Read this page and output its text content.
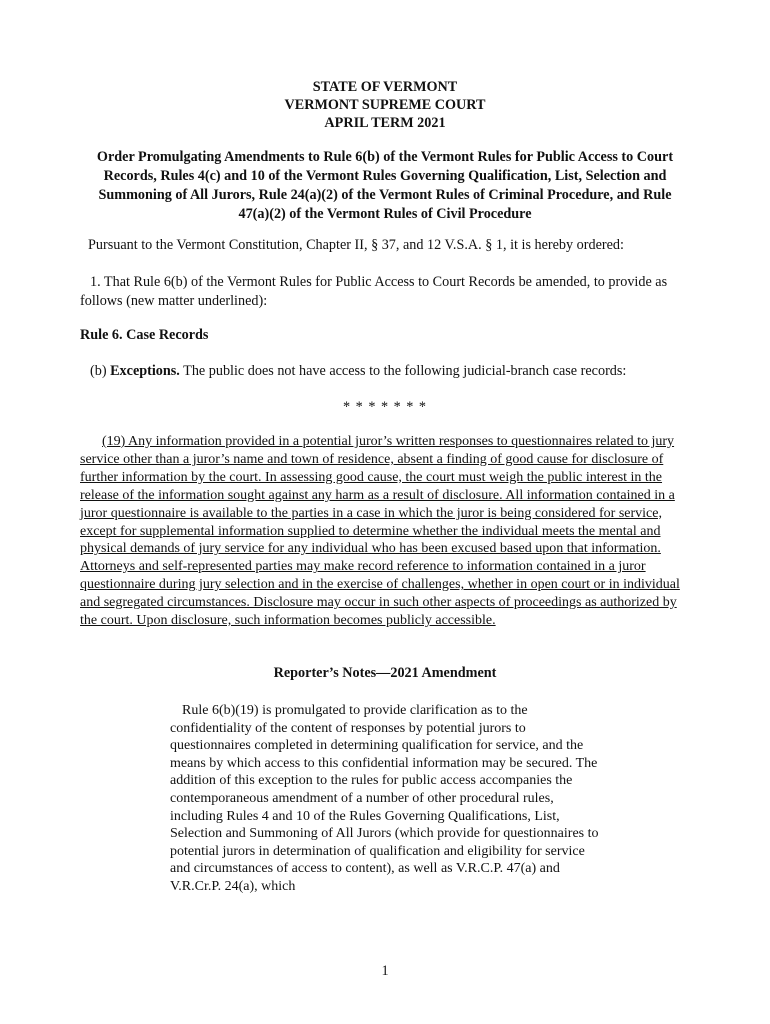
STATE OF VERMONT
VERMONT SUPREME COURT
APRIL TERM 2021
Order Promulgating Amendments to Rule 6(b) of the Vermont Rules for Public Access to Court Records, Rules 4(c) and 10 of the Vermont Rules Governing Qualification, List, Selection and Summoning of All Jurors, Rule 24(a)(2) of the Vermont Rules of Criminal Procedure, and Rule 47(a)(2) of the Vermont Rules of Civil Procedure
Pursuant to the Vermont Constitution, Chapter II, § 37, and 12 V.S.A. § 1, it is hereby ordered:
1. That Rule 6(b) of the Vermont Rules for Public Access to Court Records be amended, to provide as follows (new matter underlined):
Rule 6. Case Records
(b) Exceptions. The public does not have access to the following judicial-branch case records:
* * * * * * *
(19) Any information provided in a potential juror’s written responses to questionnaires related to jury service other than a juror’s name and town of residence, absent a finding of good cause for disclosure of further information by the court. In assessing good cause, the court must weigh the public interest in the release of the information sought against any harm as a result of disclosure. All information contained in a juror questionnaire is available to the parties in a case in which the juror is being considered for service, except for supplemental information supplied to determine whether the individual meets the mental and physical demands of jury service for any individual who has been excused based upon that information. Attorneys and self-represented parties may make record reference to information contained in a juror questionnaire during jury selection and in the exercise of challenges, whether in open court or in individual and segregated circumstances. Disclosure may occur in such other aspects of proceedings as authorized by the court. Upon disclosure, such information becomes publicly accessible.
Reporter’s Notes—2021 Amendment
Rule 6(b)(19) is promulgated to provide clarification as to the confidentiality of the content of responses by potential jurors to questionnaires completed in determining qualification for service, and the means by which access to this confidential information may be secured. The addition of this exception to the rules for public access accompanies the contemporaneous amendment of a number of other procedural rules, including Rules 4 and 10 of the Rules Governing Qualifications, List, Selection and Summoning of All Jurors (which provide for questionnaires to potential jurors in determination of qualification and eligibility for service and circumstances of access to content), as well as V.R.C.P. 47(a) and V.R.Cr.P. 24(a), which
1
